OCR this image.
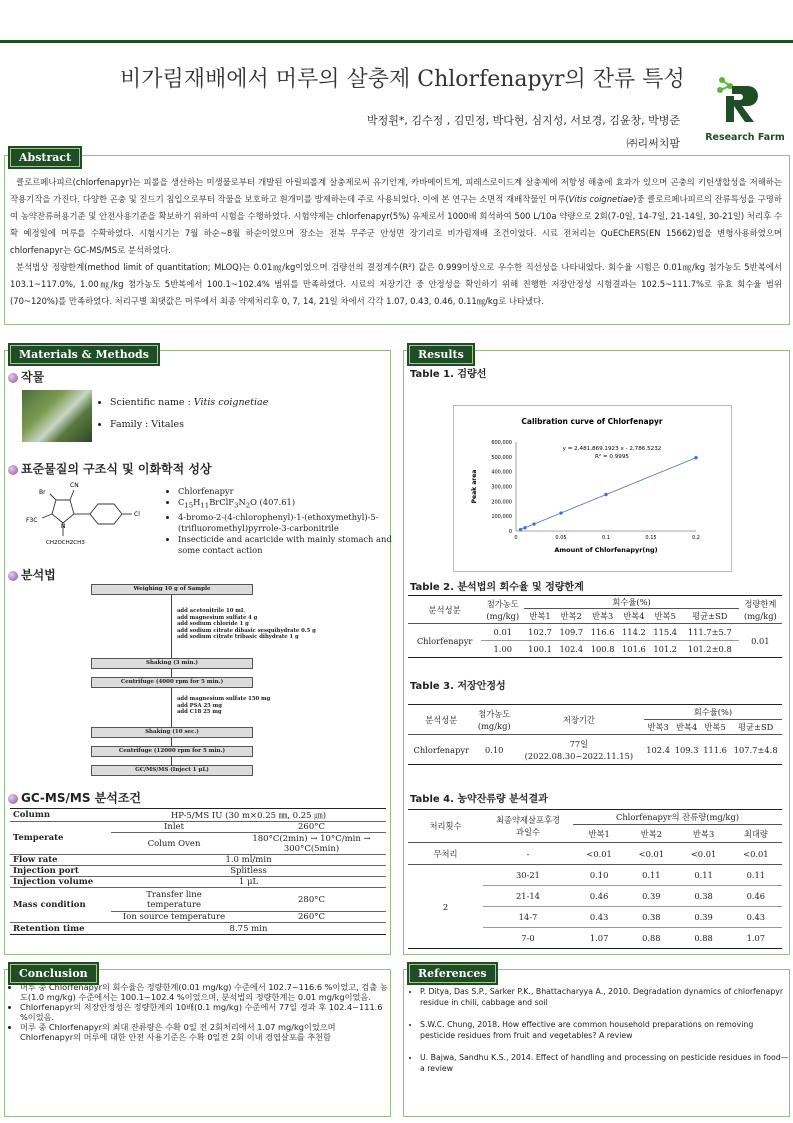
비가림재배에서 머루의 살충제 Chlorfenapyr의 잔류 특성
박정휜*, 김수정 , 김민정, 박다현, 심지성, 서보경, 김윤창, 박병준
㈜리써치팜	Research Farm
Abstract
클로르페나피르(chlorfenapyr)는 피롤을 생산하는 미생물로부터 개발된 아릴피롤계 살충제로써 유기인계, 카바메이트계, 피레스로이드계 살충제에 저항성 해충에 효과가 있으며 곤충의 키틴생합성을 저해하는 작용기작을 가진다. 다양한 곤충 및 진드기 침입으로부터 작물을 보호하고 흰개미를 방제하는데 주로 사용되었다. 이에 본 연구는 소면적 재배작물인 머루(Vitis coignetiae)중 클로르페나피르의 잔류특성을 구명하여 농약잔류허용기준 및 안전사용기준을 확보하기 위하여 시험을 수행하였다. 시험약제는 chlorfenapyr(5%) 유제로서 1000배 희석하여 500 L/10a 약량으로 2회(7-0일, 14-7일, 21-14일, 30-21일) 처리후 수확 예정일에 머루를 수확하였다. 시험시기는 7월 하순~8월 하순이었으며 장소는 전북 무주군 안성면 장기리로 비가림재배 조건이었다. 시료 전처리는 QuEChERS(EN 15662)법을 변형사용하였으며 chlorfenapyr는 GC-MS/MS로 분석하였다.
분석법상 정량한계(method limit of quantitation; MLOQ)는 0.01㎎/kg이었으며 검량선의 결정계수(R²) 값은 0.999이상으로 우수한 직선성을 나타내었다. 회수율 시험은 0.01㎎/kg 첨가농도 5반복에서 103.1~117.0%, 1.00㎎/kg 첨가농도 5반복에서 100.1~102.4% 범위를 만족하였다. 시료의 저장기간 중 안정성을 확인하기 위해 진행한 저장안정성 시험결과는 102.5~111.7%로 유효 회수율 범위(70~120%)를 만족하였다. 처리구별 최댓값은 머루에서 최종 약제처리후 0, 7, 14, 21일 차에서 각각 1.07, 0.43, 0.46, 0.11㎎/kg로 나타냈다.
Materials & Methods
작물
• Scientific name : Vitis coignetiae
• Family : Vitales
표준물질의 구조식 및 이화학적 성상
CN
Br
Cl
F3C
N
CH2OCH2CH3
• Chlorfenapyr
• $C_{15}H_{11}BrClF_3N_2O$ (407.61)
• 4-bromo-2-(4-chlorophenyl)-1-(ethoxymethyl)-5-(trifluoromethyl)pyrrole-3-carbonitrile
• Insecticide and acaricide with mainly stomach and some contact action
분석법
Weighing 10 g of Sample
add acetonitrile 10 mL
add magnesium sulfate 4 g
add sodium chloride 1 g
add sodium citrate dibasic sesquihydrate 0.5 g
add sodium citrate tribasic dihydrate 1 g
Shaking (3 min.)
Centrifuge (4000 rpm for 5 min.)
add magnesium sulfate 150 mg
add PSA 25 mg
add C18 25 mg
Shaking (10 sec.)
Centrifuge (12000 rpm for 5 min.)
GC/MS/MS (Inject 1 μL)
GC-MS/MS 분석조건
Column	HP-5/MS IU (30 m×0.25 ㎜, 0.25 ㎛)	
Temperate	Inlet	260°C
	Colum Oven	180°C(2min) → 10°C/min →
300°C(5min)
Flow rate	1.0 ml/min	
Injection port	Splitless	
Injection volume	1 μL	
Mass condition	Transfer line
temperature	280°C
	Ion source temperature	260°C
Retention time	8.75 min	
Results
Table 1. 검량선
Calibration curve of Chlorfenapyr
0
100,000
200,000
300,000
400,000
500,000
600,000
0	0.05	0.1	0.15	0.2
Amount of Chlorfenapyr(ng)
Peak area
y = 2,481,869.1923 x - 2,786.5232
R² = 0.9995
Table 2. 분석법의 회수율 및 정량한계
분석성분	첨가농도
(mg/kg)	회수율(%)						정량한계
(mg/kg)
		반복1	반복2	반복3	반복4	반복5	평균±SD	
Chlorfenapyr	0.01	102.7	109.7	116.6	114.2	115.4	111.7±5.7	0.01
	1.00	100.1	102.4	100.8	101.6	101.2	101.2±0.8	
Table 3. 저장안정성
분석성분	첨가농도
(mg/kg)	저장기간	회수율(%)			
			반복3	반복4	반복5	평균±SD
Chlorfenapyr	0.10	77일
(2022.08.30~2022.11.15)	102.4	109.3	111.6	107.7±4.8
Table 4. 농약잔류량 분석결과
처리횟수	최종약제살포후경
과일수	Chlorfenapyr의 잔류량(mg/kg)			
		반복1	반복2	반복3	최대량
무처리	-	<0.01	<0.01	<0.01	<0.01
2	30-21	0.10	0.11	0.11	0.11
	21-14	0.46	0.39	0.38	0.46
	14-7	0.43	0.38	0.39	0.43
	7-0	1.07	0.88	0.88	1.07
Conclusion
• 머루 중 Chlorfenapyr의 회수율은 정량한계(0.01 mg/kg) 수준에서 102.7~116.6 %이었고, 검출 농도(1.0 mg/kg) 수준에서는 100.1~102.4 %이었으며, 분석법의 정량한계는 0.01 mg/kg이었음.
• Chlorfenapyr의 저장안정성은 정량한계의 10배(0.1 mg/kg) 수준에서 77일 경과 후 102.4~111.6 %이었음.
• 머루 중 Chlorfenapyr의 최대 잔류량은 수확 0일 전 2회처리에서 1.07 mg/kg이었으며 Chlorfenapyr의 머루에 대한 안전 사용기준은 수확 0일전 2회 이내 경엽살포를 추천함
References
• P. Ditya, Das S.P., Sarker P.K., Bhattacharyya A., 2010. Degradation dynamics of chlorfenapyr residue in chili, cabbage and soil
• S.W.C. Chung, 2018. How effective are common household preparations on removing pesticide residues from fruit and vegetables? A review
• U. Bajwa, Sandhu K.S., 2014. Effect of handling and processing on pesticide residues in food—a review
